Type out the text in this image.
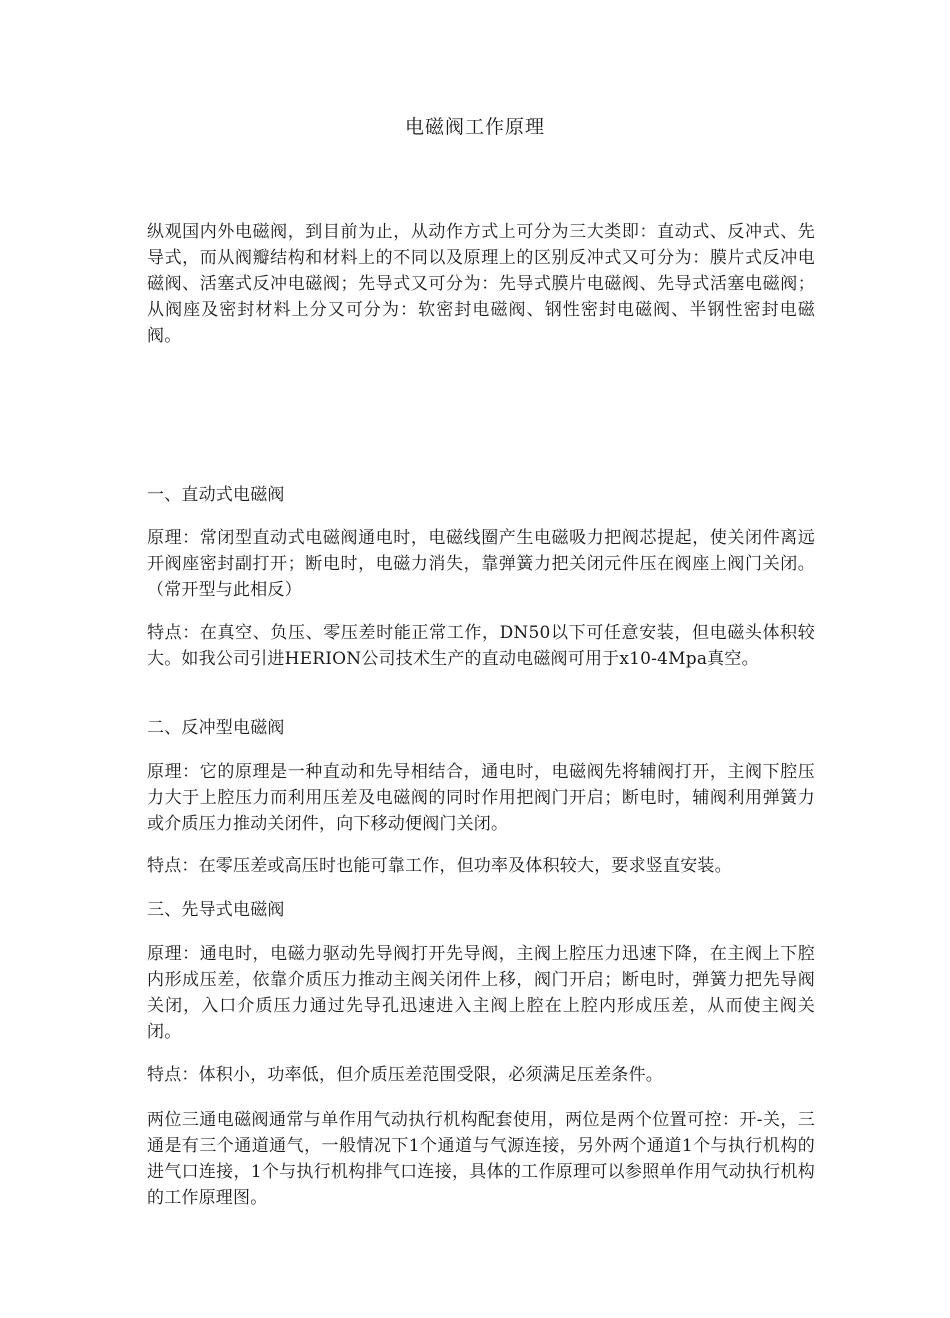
电磁阀工作原理

纵观国内外电磁阀，到目前为止，从动作方式上可分为三大类即：直动式、反冲式、先导式，而从阀瓣结构和材料上的不同以及原理上的区别反冲式又可分为：膜片式反冲电磁阀、活塞式反冲电磁阀；先导式又可分为：先导式膜片电磁阀、先导式活塞电磁阀；从阀座及密封材料上分又可分为：软密封电磁阀、钢性密封电磁阀、半钢性密封电磁阀。

一、直动式电磁阀

原理：常闭型直动式电磁阀通电时，电磁线圈产生电磁吸力把阀芯提起，使关闭件离远开阀座密封副打开；断电时，电磁力消失，靠弹簧力把关闭元件压在阀座上阀门关闭。（常开型与此相反）

特点：在真空、负压、零压差时能正常工作，DN50以下可任意安装，但电磁头体积较大。如我公司引进HERION公司技术生产的直动电磁阀可用于x10-4Mpa真空。

二、反冲型电磁阀

原理：它的原理是一种直动和先导相结合，通电时，电磁阀先将辅阀打开，主阀下腔压力大于上腔压力而利用压差及电磁阀的同时作用把阀门开启；断电时，辅阀利用弹簧力或介质压力推动关闭件，向下移动便阀门关闭。

特点：在零压差或高压时也能可靠工作，但功率及体积较大，要求竖直安装。

三、先导式电磁阀

原理：通电时，电磁力驱动先导阀打开先导阀，主阀上腔压力迅速下降，在主阀上下腔内形成压差，依靠介质压力推动主阀关闭件上移，阀门开启；断电时，弹簧力把先导阀关闭，入口介质压力通过先导孔迅速进入主阀上腔在上腔内形成压差，从而使主阀关闭。

特点：体积小，功率低，但介质压差范围受限，必须满足压差条件。

两位三通电磁阀通常与单作用气动执行机构配套使用，两位是两个位置可控：开-关，三通是有三个通道通气，一般情况下1个通道与气源连接，另外两个通道1个与执行机构的进气口连接，1个与执行机构排气口连接，具体的工作原理可以参照单作用气动执行机构的工作原理图。
